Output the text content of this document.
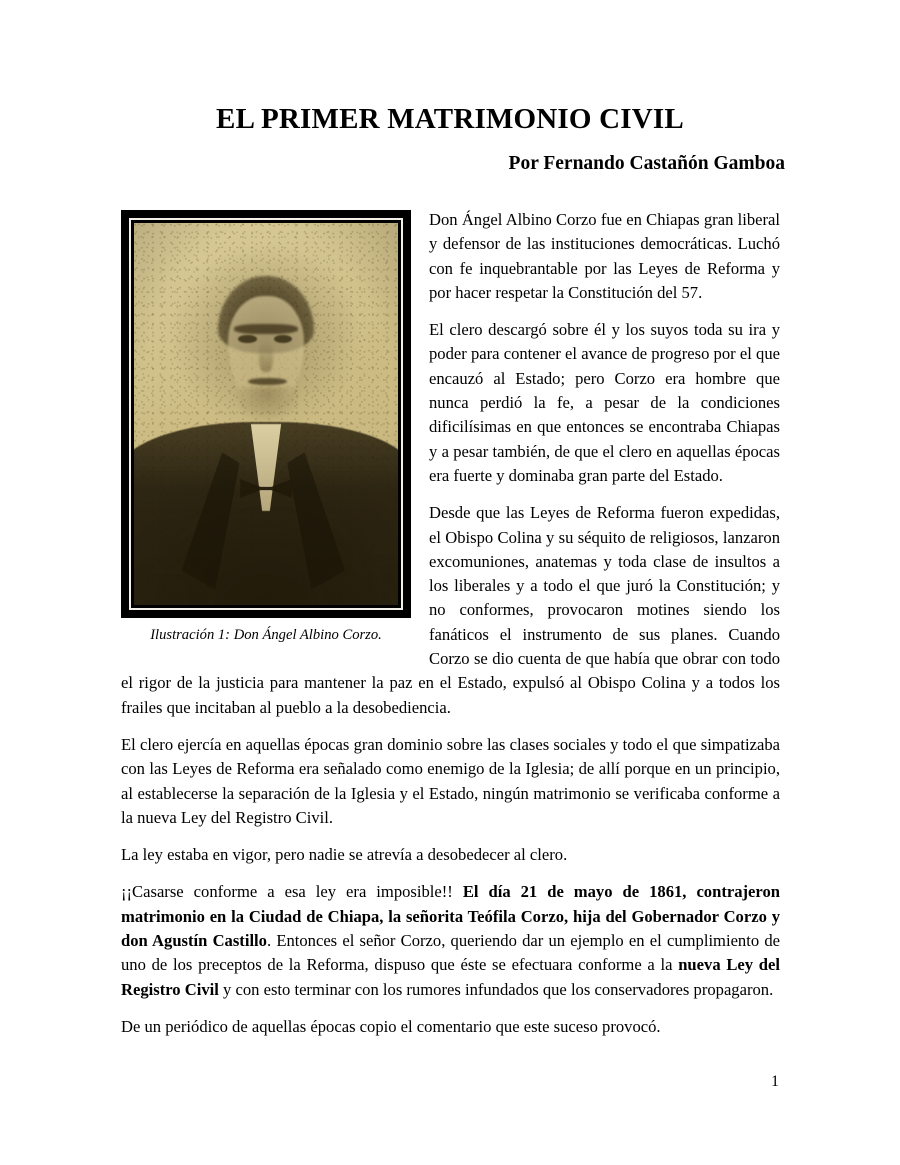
EL PRIMER MATRIMONIO CIVIL
Por Fernando Castañón Gamboa
Ilustración 1: Don Ángel Albino Corzo.

Don Ángel Albino Corzo fue en Chiapas gran liberal y defensor de las instituciones democráticas. Luchó con fe inquebrantable por las Leyes de Reforma y por hacer respetar la Constitución del 57.

El clero descargó sobre él y los suyos toda su ira y poder para contener el avance de progreso por el que encauzó al Estado; pero Corzo era hombre que nunca perdió la fe, a pesar de la condiciones dificilísimas en que entonces se encontraba Chiapas y a pesar también, de que el clero en aquellas épocas era fuerte y dominaba gran parte del Estado.

Desde que las Leyes de Reforma fueron expedidas, el Obispo Colina y su séquito de religiosos, lanzaron excomuniones, anatemas y toda clase de insultos a los liberales y a todo el que juró la Constitución; y no conformes, provocaron motines siendo los fanáticos el instrumento de sus planes. Cuando Corzo se dio cuenta de que había que obrar con todo el rigor de la justicia para mantener la paz en el Estado, expulsó al Obispo Colina y a todos los frailes que incitaban al pueblo a la desobediencia.

El clero ejercía en aquellas épocas gran dominio sobre las clases sociales y todo el que simpatizaba con las Leyes de Reforma era señalado como enemigo de la Iglesia; de allí porque en un principio, al establecerse la separación de la Iglesia y el Estado, ningún matrimonio se verificaba conforme a la nueva Ley del Registro Civil.

La ley estaba en vigor, pero nadie se atrevía a desobedecer al clero.

¡¡Casarse conforme a esa ley era imposible!! El día 21 de mayo de 1861, contrajeron matrimonio en la Ciudad de Chiapa, la señorita Teófila Corzo, hija del Gobernador Corzo y don Agustín Castillo. Entonces el señor Corzo, queriendo dar un ejemplo en el cumplimiento de uno de los preceptos de la Reforma, dispuso que éste se efectuara conforme a la nueva Ley del Registro Civil y con esto terminar con los rumores infundados que los conservadores propagaron.

De un periódico de aquellas épocas copio el comentario que este suceso provocó.

1
